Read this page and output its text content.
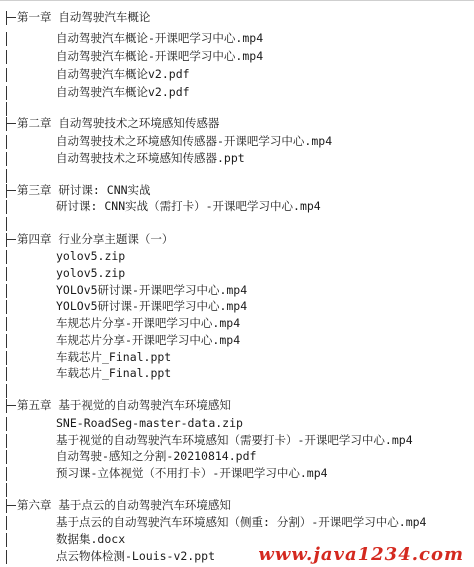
第一章 自动驾驶汽车概论
自动驾驶汽车概论-开课吧学习中心.mp4
自动驾驶汽车概论-开课吧学习中心.mp4
自动驾驶汽车概论v2.pdf
自动驾驶汽车概论v2.pdf
第二章 自动驾驶技术之环境感知传感器
自动驾驶技术之环境感知传感器-开课吧学习中心.mp4
自动驾驶技术之环境感知传感器.ppt
第三章 研讨课: CNN实战
研讨课: CNN实战（需打卡）-开课吧学习中心.mp4
第四章 行业分享主题课（一）
yolov5.zip
yolov5.zip
YOLOv5研讨课-开课吧学习中心.mp4
YOLOv5研讨课-开课吧学习中心.mp4
车规芯片分享-开课吧学习中心.mp4
车规芯片分享-开课吧学习中心.mp4
车载芯片_Final.ppt
车载芯片_Final.ppt
第五章 基于视觉的自动驾驶汽车环境感知
SNE-RoadSeg-master-data.zip
基于视觉的自动驾驶汽车环境感知（需要打卡）-开课吧学习中心.mp4
自动驾驶-感知之分割-20210814.pdf
预习课-立体视觉（不用打卡）-开课吧学习中心.mp4
第六章 基于点云的自动驾驶汽车环境感知
基于点云的自动驾驶汽车环境感知（侧重: 分割）-开课吧学习中心.mp4
数据集.docx
点云物体检测-Louis-v2.ppt www.java1234.com
